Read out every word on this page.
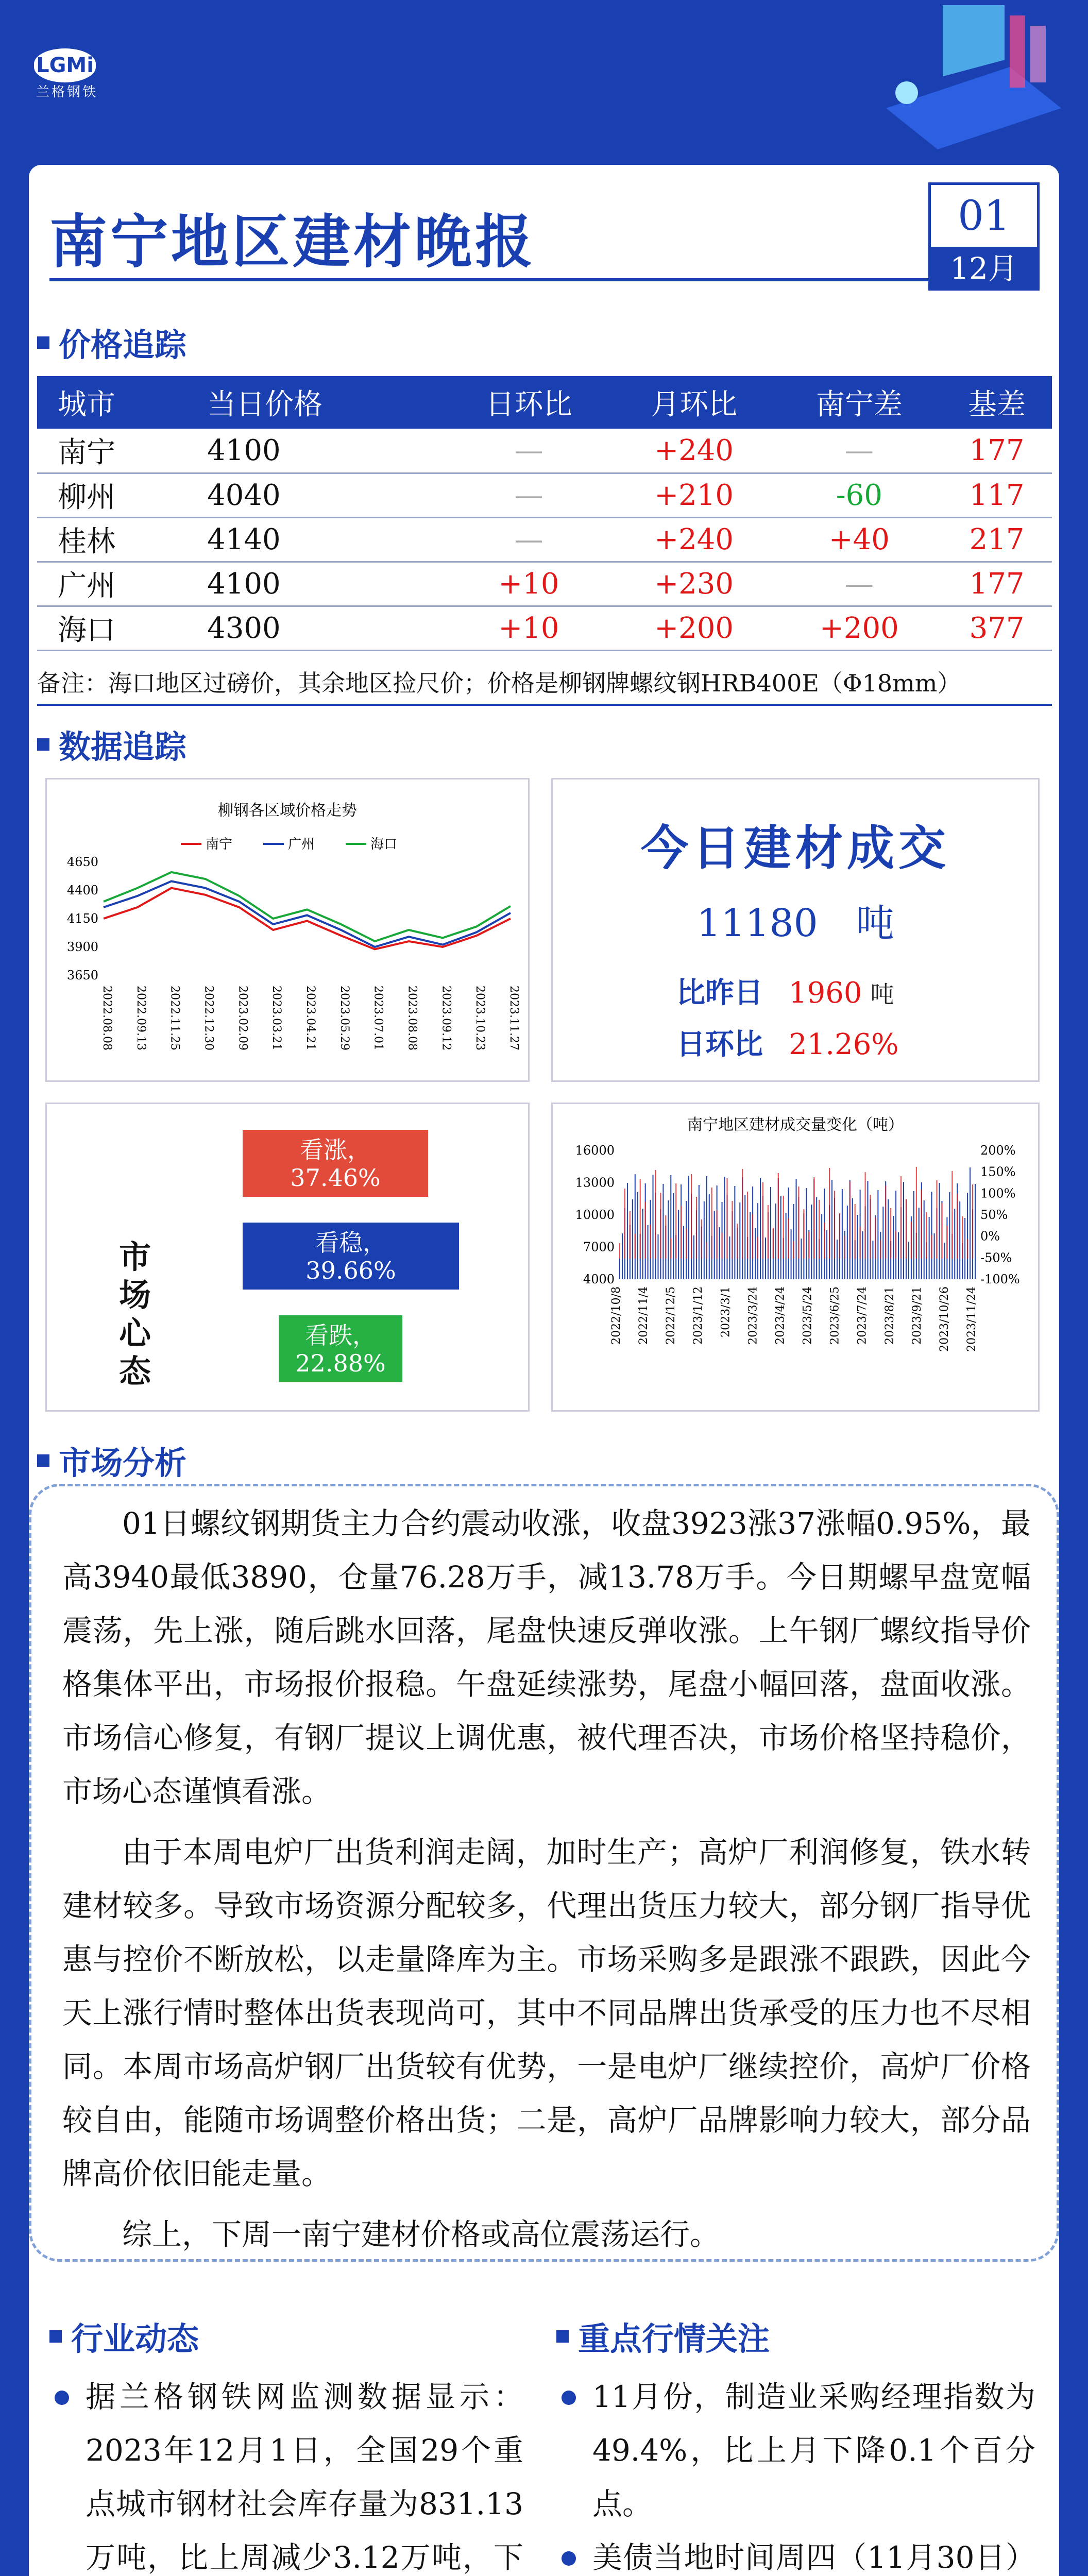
LGMi
兰格钢铁
南宁地区建材晚报	01
12月
价格追踪
城市	当日价格	日环比	月环比	南宁差	基差
南宁	4100	—	+240	—	177
柳州	4040	—	+210	-60	117
桂林	4140	—	+240	+40	217
广州	4100	+10	+230	—	177
海口	4300	+10	+200	+200	377
备注：海口地区过磅价，其余地区捡尺价；价格是柳钢牌螺纹钢HRB400E（Φ18mm）
数据追踪
柳钢各区域价格走势
南宁	广州	海口
4650
4400
4150
3900
3650
2022.08.08 2022.09.13 2022.11.25 2022.12.30 2023.02.09 2023.03.21 2023.04.21 2023.05.29 2023.07.01 2023.08.08 2023.09.12 2023.10.23 2023.11.27
今日建材成交
11180　 吨
比昨日 1960 吨
日环比 21.26%
市场心态
看涨，
37.46%
看稳，
39.66%
看跌，
22.88%
南宁地区建材成交量变化（吨）
16000
13000
10000
7000
4000
200%
150%
100%
50%
0%
-50%
-100%
2022/10/8 2022/11/4 2022/12/5 2023/1/12 2023/3/1 2023/3/24 2023/4/24 2023/5/24 2023/6/25 2023/7/24 2023/8/21 2023/9/21 2023/10/26 2023/11/24
市场分析

01日螺纹钢期货主力合约震动收涨，收盘3923涨37涨幅0.95%，最高3940最低3890，仓量76.28万手，减13.78万手。今日期螺早盘宽幅震荡，先上涨，随后跳水回落，尾盘快速反弹收涨。上午钢厂螺纹指导价格集体平出，市场报价报稳。午盘延续涨势，尾盘小幅回落，盘面收涨。市场信心修复，有钢厂提议上调优惠，被代理否决，市场价格坚持稳价，市场心态谨慎看涨。

由于本周电炉厂出货利润走阔，加时生产；高炉厂利润修复，铁水转建材较多。导致市场资源分配较多，代理出货压力较大，部分钢厂指导优惠与控价不断放松，以走量降库为主。市场采购多是跟涨不跟跌，因此今天上涨行情时整体出货表现尚可，其中不同品牌出货承受的压力也不尽相同。本周市场高炉钢厂出货较有优势，一是电炉厂继续控价，高炉厂价格较自由，能随市场调整价格出货；二是，高炉厂品牌影响力较大，部分品牌高价依旧能走量。

综上，下周一南宁建材价格或高位震荡运行。

行业动态
据兰格钢铁网监测数据显示：2023年12月1日，全国29个重点城市钢材社会库存量为831.13万吨，比上周减少3.12万吨，下
重点行情关注
11月份，制造业采购经理指数为49.4%，比上月下降0.1个百分点。
美债当地时间周四（11月30日）
